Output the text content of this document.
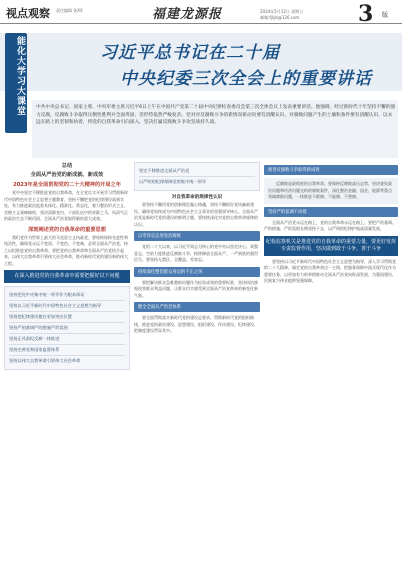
视点观察 责任编辑 张XX	福建龙源报	2024年5月12日 星期日
邮箱:fjlyb@126.com	3 版
习近平总书记在二十届
中央纪委三次全会上的重要讲话
能化大学习大课堂 中共中央总书记、国家主席、中央军委主席习近平6日上午在中国共产党第二十届中央纪律检查委员会第三次全体会议上发表重要讲话。他强调，经过新时代十年坚持不懈的强力反腐，反腐败斗争取得压倒性胜利并全面巩固，但形势依然严峻复杂。党对对反腐败斗争的新情况新动向要有清醒认识，对腐败问题产生的土壤和条件要有清醒认识，以永远在路上的坚韧和执着，将党的自我革命引向深入，坚决打赢反腐败斗争攻坚战持久战。
总结
全面从严治党的新成就、新成效
2023年是全面贯彻党的二十大精神的开局之年
党中央坚定不移推进党的自我革命，在全党扎实开展学习贯彻新时代中国特色社会主义思想主题教育，坚持不懈把党的纪律建设落到实处，有力推进政治监督具体化、精准化、常态化，着力整治形式主义、官僚主义顽瘴痼疾，坚决清除党内、干部队伍中的害群之马，风清气正的政治生态不断巩固，全面从严治党取得新的重大成效。
深刻阐述党的自我革命的重要思想
我们党作为世界上最大的马克思主义执政党，要始终保持先进性和纯洁性，确保党永远不变质、不变色、不变味，必须全面从严治党，持之以恒推进党的自我革命。要把党的自我革命和全面从严治党结合起来，以伟大自我革命引领伟大社会革命，推动新时代党的建设新的伟大工程。
在深入推进党的自我革命中需要把握好以下问题
坚持把党中央集中统一领导作为根本保证
坚持以习近平新时代中国特色社会主义思想为指导
坚持把纪律建设摆在更加突出位置
坚持严的基调严的措施严的氛围
坚持正风肃纪反腐一体推进
坚持完善党和国家监督体系
坚持以伟大自我革命引领伟大社会革命
坚定不移推进全面从严治党
以严明的纪律保障党的集中统一领导
对自我革命的规律性认识
要坚持不懈用党的创新理论凝心铸魂，坚持不懈抓好党风廉政建设，确保党始终成为中国特色社会主义事业的坚强领导核心。全面从严治党是新时代党的建设的鲜明主题，要持续深化对党的自我革命规律的认识。
以零容忍态度惩治腐败
党的二十大以来，以习近平同志为核心的党中央以坚定决心、顽强意志、空前力度推进反腐败斗争，持续释放全面从严、一严到底的强烈信号。要坚持无禁区、全覆盖、零容忍。
持续深化整治群众身边的不正之风
要把解决群众急难愁盼问题作为检验成效的重要标准，坚决纠治漠视侵害群众利益问题，让群众切实感受到全面从严治党带来的新变化新气象。
健全全面从严治党体系
要全面贯彻落实新时代党的建设总要求，贯彻新时代党的组织路线，推进党的政治建设、思想建设、组织建设、作风建设、纪律建设，把制度建设贯穿其中。
推进反腐败斗争取得新成效
反腐败是最彻底的自我革命。要保持反腐败高压态势，坚决查处政治问题和经济问题交织的腐败案件，深化整治金融、国企、能源等重点领域腐败问题，一体推进不敢腐、不能腐、不想腐。
坚持严的基调不动摇
全面从严治党永远在路上，党的自我革命永远在路上。要把严的基调、严的措施、严的氛围长期坚持下去，以严明的纪律护航高质量发展。
纪检监察机关是推进党的自我革命的重要力量，要更好发挥专责监督作用，坚决做到敢于斗争、善于斗争
要坚持以习近平新时代中国特色社会主义思想为指导，深入学习贯彻党的二十大精神，锚定党的自我革命这一主线，把服务保障中国式现代化作为重要任务，以更加有力的举措推动全面从严治党向纵深发展，为强国建设、民族复兴伟业提供坚强保障。
